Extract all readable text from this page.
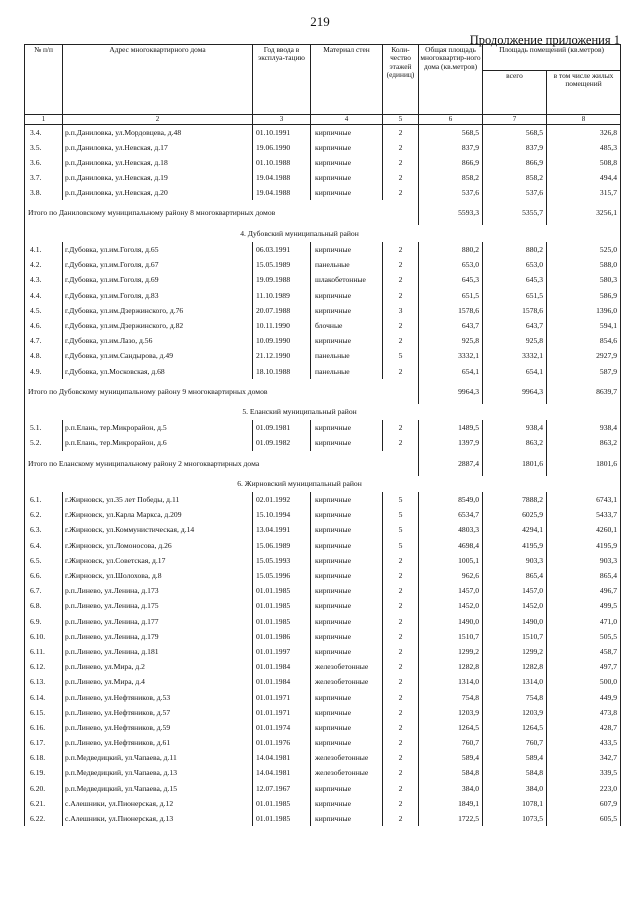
219
Продолжение приложения 1
№ п/п	Адрес многоквартирного дома	Год ввода в эксплуа-тацию	Материал стен	Коли-чество этажей (единиц)	Общая площадь многоквартир-ного дома (кв.метров)	Площадь помещений (кв.метров)	
						всего	в том числе жилых помещений
1	2	3	4	5	6	7	8
3.4.	р.п.Даниловка, ул.Мордовцева, д.48	01.10.1991	кирпичные	2	568,5	568,5	326,8
3.5.	р.п.Даниловка, ул.Невская, д.17	19.06.1990	кирпичные	2	837,9	837,9	485,3
3.6.	р.п.Даниловка, ул.Невская, д.18	01.10.1988	кирпичные	2	866,9	866,9	508,8
3.7.	р.п.Даниловка, ул.Невская, д.19	19.04.1988	кирпичные	2	858,2	858,2	494,4
3.8.	р.п.Даниловка, ул.Невская, д.20	19.04.1988	кирпичные	2	537,6	537,6	315,7
Итого по Даниловскому муниципальному району 8 многоквартирных домов					5593,3	5355,7	3256,1
4. Дубовский муниципальный район							
4.1.	г.Дубовка, ул.им.Гоголя, д.65	06.03.1991	кирпичные	2	880,2	880,2	525,0
4.2.	г.Дубовка, ул.им.Гоголя, д.67	15.05.1989	панельные	2	653,0	653,0	588,0
4.3.	г.Дубовка, ул.им.Гоголя, д.69	19.09.1988	шлакобетонные	2	645,3	645,3	580,3
4.4.	г.Дубовка, ул.им.Гоголя, д.83	11.10.1989	кирпичные	2	651,5	651,5	586,9
4.5.	г.Дубовка, ул.им.Дзержинского, д.76	20.07.1988	кирпичные	3	1578,6	1578,6	1396,0
4.6.	г.Дубовка, ул.им.Дзержинского, д.82	10.11.1990	блочные	2	643,7	643,7	594,1
4.7.	г.Дубовка, ул.им.Лазо, д.56	10.09.1990	кирпичные	2	925,8	925,8	854,6
4.8.	г.Дубовка, ул.им.Сандырова, д.49	21.12.1990	панельные	5	3332,1	3332,1	2927,9
4.9.	г.Дубовка, ул.Московская, д.68	18.10.1988	панельные	2	654,1	654,1	587,9
Итого по Дубовскому муниципальному району 9 многоквартирных домов					9964,3	9964,3	8639,7
5. Еланский муниципальный район							
5.1.	р.п.Елань, тер.Микрорайон, д.5	01.09.1981	кирпичные	2	1489,5	938,4	938,4
5.2.	р.п.Елань, тер.Микрорайон, д.6	01.09.1982	кирпичные	2	1397,9	863,2	863,2
Итого по Еланскому муниципальному району 2 многоквартирных дома					2887,4	1801,6	1801,6
6. Жирновский муниципальный район							
6.1.	г.Жирновск, ул.35 лет Победы, д.11	02.01.1992	кирпичные	5	8549,0	7888,2	6743,1
6.2.	г.Жирновск, ул.Карла Маркса, д.209	15.10.1994	кирпичные	5	6534,7	6025,9	5433,7
6.3.	г.Жирновск, ул.Коммунистическая, д.14	13.04.1991	кирпичные	5	4803,3	4294,1	4260,1
6.4.	г.Жирновск, ул.Ломоносова, д.26	15.06.1989	кирпичные	5	4698,4	4195,9	4195,9
6.5.	г.Жирновск, ул.Советская, д.17	15.05.1993	кирпичные	2	1005,1	903,3	903,3
6.6.	г.Жирновск, ул.Шолохова, д.8	15.05.1996	кирпичные	2	962,6	865,4	865,4
6.7.	р.п.Линево, ул.Ленина, д.173	01.01.1985	кирпичные	2	1457,0	1457,0	496,7
6.8.	р.п.Линево, ул.Ленина, д.175	01.01.1985	кирпичные	2	1452,0	1452,0	499,5
6.9.	р.п.Линево, ул.Ленина, д.177	01.01.1985	кирпичные	2	1490,0	1490,0	471,0
6.10.	р.п.Линево, ул.Ленина, д.179	01.01.1986	кирпичные	2	1510,7	1510,7	505,5
6.11.	р.п.Линево, ул.Ленина, д.181	01.01.1997	кирпичные	2	1299,2	1299,2	458,7
6.12.	р.п.Линево, ул.Мира, д.2	01.01.1984	железобетонные	2	1282,8	1282,8	497,7
6.13.	р.п.Линево, ул.Мира, д.4	01.01.1984	железобетонные	2	1314,0	1314,0	500,0
6.14.	р.п.Линево, ул.Нефтяников, д.53	01.01.1971	кирпичные	2	754,8	754,8	449,9
6.15.	р.п.Линево, ул.Нефтяников, д.57	01.01.1971	кирпичные	2	1203,9	1203,9	473,8
6.16.	р.п.Линево, ул.Нефтяников, д.59	01.01.1974	кирпичные	2	1264,5	1264,5	428,7
6.17.	р.п.Линево, ул.Нефтяников, д.61	01.01.1976	кирпичные	2	760,7	760,7	433,5
6.18.	р.п.Медведицкий, ул.Чапаева, д.11	14.04.1981	железобетонные	2	589,4	589,4	342,7
6.19.	р.п.Медведицкий, ул.Чапаева, д.13	14.04.1981	железобетонные	2	584,8	584,8	339,5
6.20.	р.п.Медведицкий, ул.Чапаева, д.15	12.07.1967	кирпичные	2	384,0	384,0	223,0
6.21.	с.Алешники, ул.Пионерская, д.12	01.01.1985	кирпичные	2	1849,1	1078,1	607,9
6.22.	с.Алешники, ул.Пионерская, д.13	01.01.1985	кирпичные	2	1722,5	1073,5	605,5
